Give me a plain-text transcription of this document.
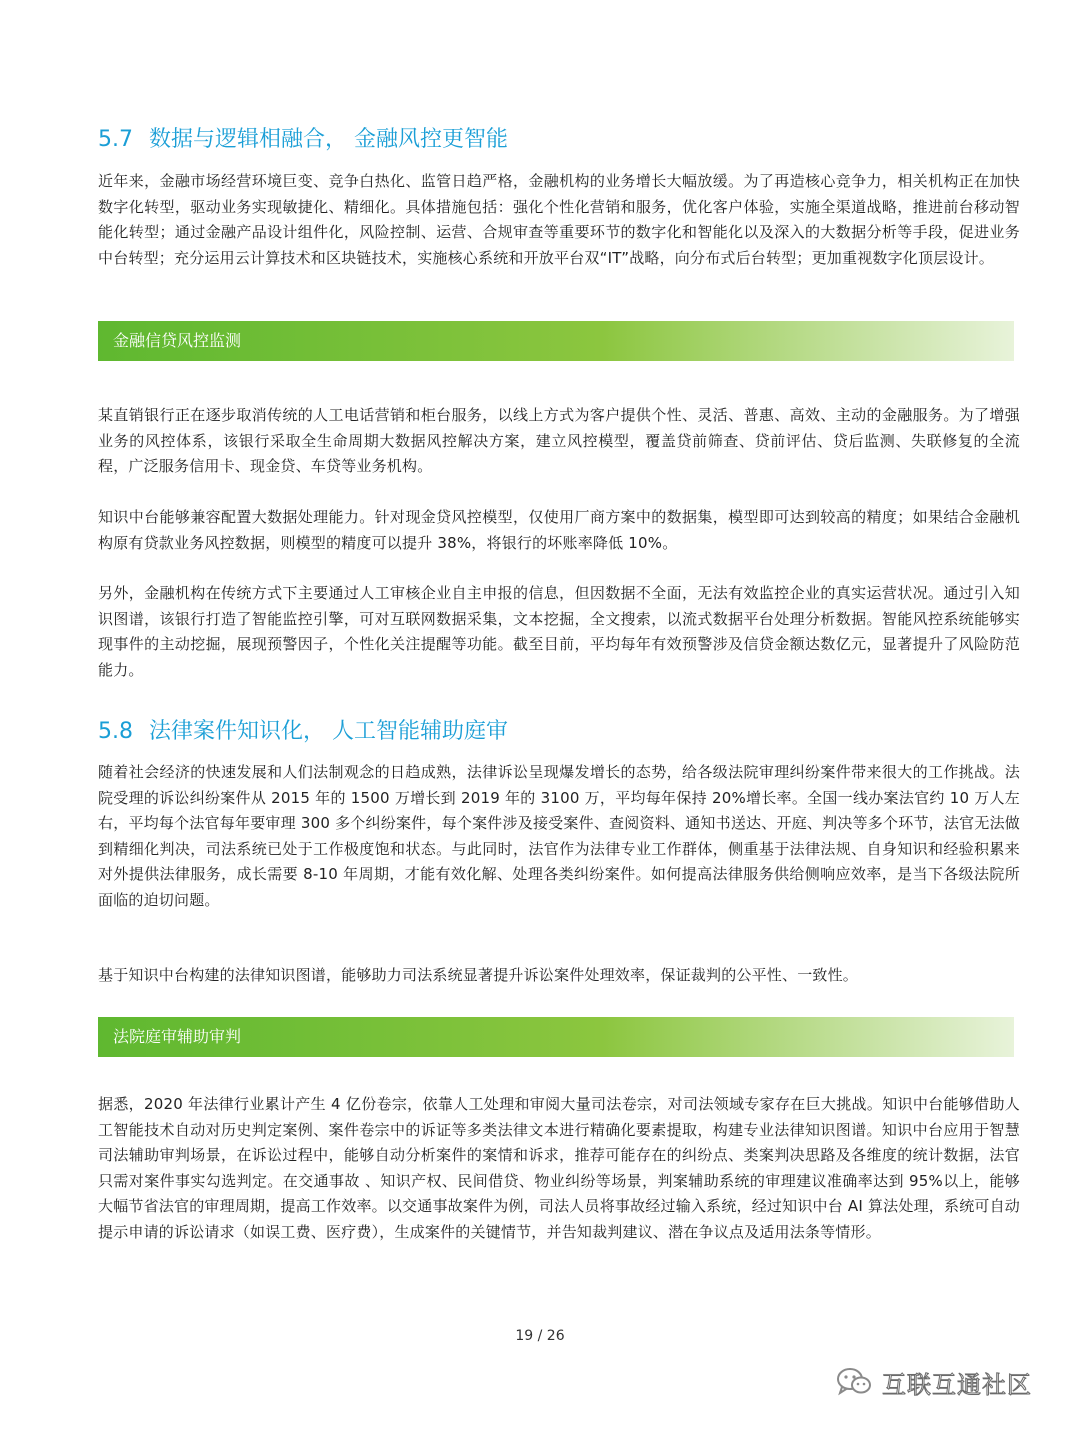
5.7 数据与逻辑相融合， 金融风控更智能

近年来，金融市场经营环境巨变、竞争白热化、监管日趋严格，金融机构的业务增长大幅放缓。为了再造核心竞争力，相关机构正在加快数字化转型，驱动业务实现敏捷化、精细化。具体措施包括：强化个性化营销和服务，优化客户体验，实施全渠道战略，推进前台移动智能化转型；通过金融产品设计组件化，风险控制、运营、合规审查等重要环节的数字化和智能化以及深入的大数据分析等手段，促进业务中台转型；充分运用云计算技术和区块链技术，实施核心系统和开放平台双“IT”战略，向分布式后台转型；更加重视数字化顶层设计。

金融信贷风控监测

某直销银行正在逐步取消传统的人工电话营销和柜台服务，以线上方式为客户提供个性、灵活、普惠、高效、主动的金融服务。为了增强业务的风控体系，该银行采取全生命周期大数据风控解决方案，建立风控模型，覆盖贷前筛查、贷前评估、贷后监测、失联修复的全流程，广泛服务信用卡、现金贷、车贷等业务机构。

知识中台能够兼容配置大数据处理能力。针对现金贷风控模型，仅使用厂商方案中的数据集，模型即可达到较高的精度；如果结合金融机构原有贷款业务风控数据，则模型的精度可以提升 38%，将银行的坏账率降低 10%。

另外，金融机构在传统方式下主要通过人工审核企业自主申报的信息，但因数据不全面，无法有效监控企业的真实运营状况。通过引入知识图谱，该银行打造了智能监控引擎，可对互联网数据采集，文本挖掘，全文搜索，以流式数据平台处理分析数据。智能风控系统能够实现事件的主动挖掘，展现预警因子，个性化关注提醒等功能。截至目前，平均每年有效预警涉及信贷金额达数亿元，显著提升了风险防范能力。

5.8 法律案件知识化， 人工智能辅助庭审

随着社会经济的快速发展和人们法制观念的日趋成熟，法律诉讼呈现爆发增长的态势，给各级法院审理纠纷案件带来很大的工作挑战。法院受理的诉讼纠纷案件从 2015 年的 1500 万增长到 2019 年的 3100 万，平均每年保持 20%增长率。全国一线办案法官约 10 万人左右，平均每个法官每年要审理 300 多个纠纷案件，每个案件涉及接受案件、查阅资料、通知书送达、开庭、判决等多个环节，法官无法做到精细化判决，司法系统已处于工作极度饱和状态。与此同时，法官作为法律专业工作群体，侧重基于法律法规、自身知识和经验积累来对外提供法律服务，成长需要 8-10 年周期，才能有效化解、处理各类纠纷案件。如何提高法律服务供给侧响应效率，是当下各级法院所面临的迫切问题。

基于知识中台构建的法律知识图谱，能够助力司法系统显著提升诉讼案件处理效率，保证裁判的公平性、一致性。

法院庭审辅助审判

据悉，2020 年法律行业累计产生 4 亿份卷宗，依靠人工处理和审阅大量司法卷宗，对司法领域专家存在巨大挑战。知识中台能够借助人工智能技术自动对历史判定案例、案件卷宗中的诉证等多类法律文本进行精确化要素提取，构建专业法律知识图谱。知识中台应用于智慧司法辅助审判场景，在诉讼过程中，能够自动分析案件的案情和诉求，推荐可能存在的纠纷点、类案判决思路及各维度的统计数据，法官只需对案件事实勾选判定。在交通事故 、知识产权、民间借贷、物业纠纷等场景，判案辅助系统的审理建议准确率达到 95%以上，能够大幅节省法官的审理周期，提高工作效率。以交通事故案件为例，司法人员将事故经过输入系统，经过知识中台 AI 算法处理，系统可自动提示申请的诉讼请求（如误工费、医疗费），生成案件的关键情节，并告知裁判建议、潜在争议点及适用法条等情形。

19 / 26
互联互通社区
